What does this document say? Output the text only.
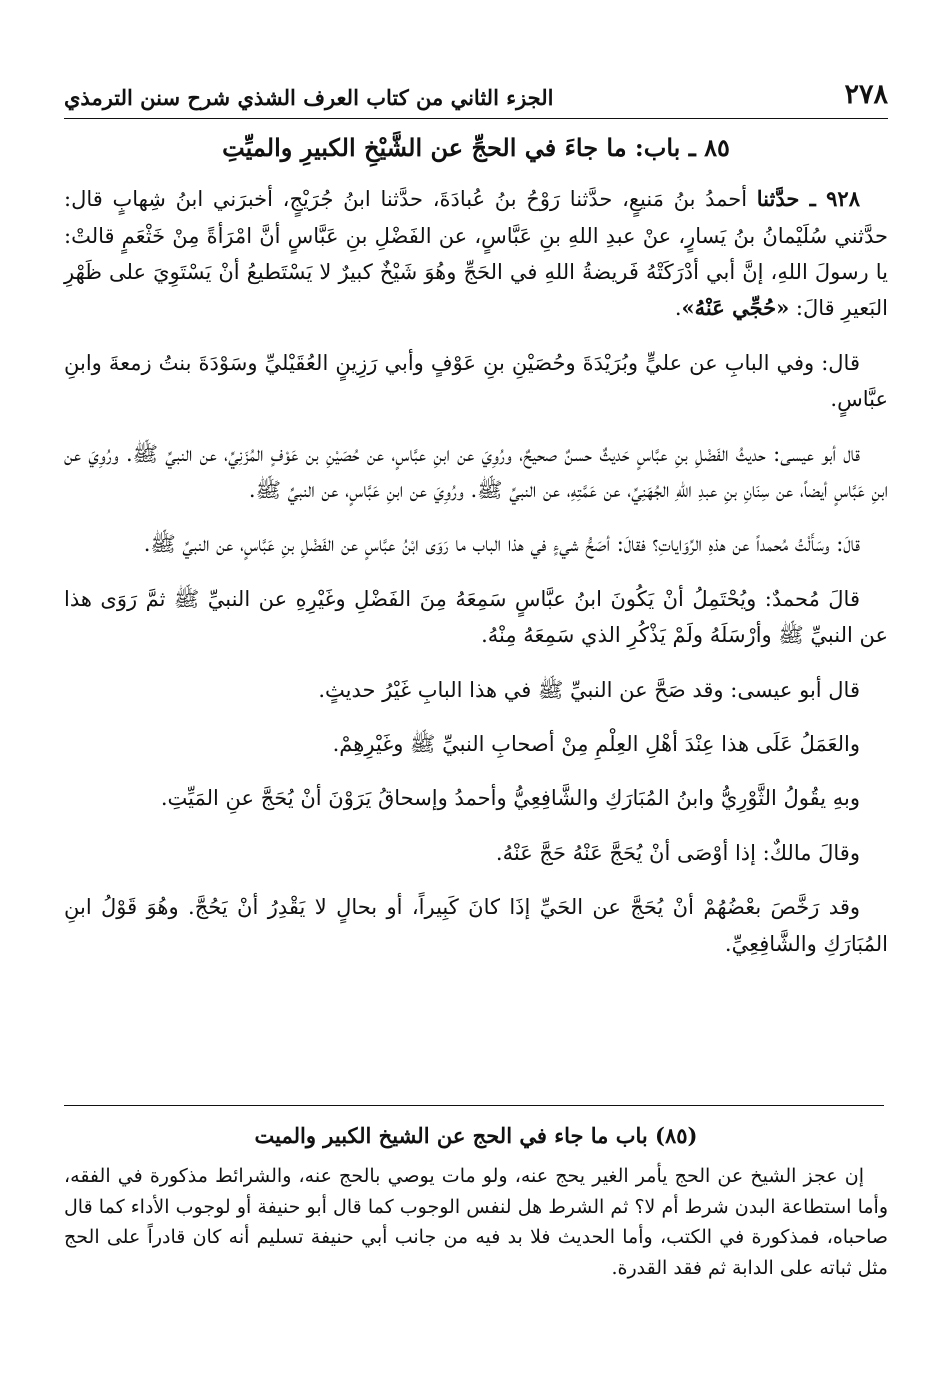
٢٧٨
الجزء الثاني من كتاب العرف الشذي شرح سنن الترمذي
٨٥ ـ باب: ما جاءَ في الحجِّ عن الشَّيْخِ الكبيرِ والميِّتِ

٩٢٨ ـ حدَّثنا أحمدُ بنُ مَنيعٍ، حدَّثنا رَوْحُ بنُ عُبادَةَ، حدَّثنا ابنُ جُرَيْجٍ، أخبرَني ابنُ شِهابٍ قال: حدَّثني سُلَيْمانُ بنُ يَسارٍ، عنْ عبدِ اللهِ بنِ عَبَّاسٍ، عن الفَضْلِ بنِ عَبَّاسٍ أنَّ امْرَأةً مِنْ خَثْعَمٍ قالتْ: يا رسولَ اللهِ، إنَّ أبي أدْرَكَتْهُ فَريضةُ اللهِ في الحَجِّ وهُوَ شَيْخٌ كبيرٌ لا يَسْتَطيعُ أنْ يَسْتَوِيَ على ظَهْرِ البَعيرِ قالَ: «حُجِّي عَنْهُ».

قال: وفي البابِ عن عليٍّ وبُرَيْدَةَ وحُصَيْنِ بنِ عَوْفٍ وأبي رَزِينٍ العُقَيْليِّ وسَوْدَةَ بنتُ زمعةَ وابنِ عبَّاسٍ.

قال أبو عيسى: حديثُ الفَضْلِ بنِ عبَّاسٍ حَديثٌ حسنٌ صحيحٌ، ورُوِيَ عن ابنِ عبَّاسٍ، عن حُصَيْنِ بن عَوْفٍ المُزَنِيِّ، عن النبيِّ ﷺ. ورُوِيَ عن ابنِ عَبَّاسٍ أيضاً، عن سِنَانِ بنِ عبدِ اللهِ الجُهَنِيِّ، عن عَمَّتِهِ، عن النبيِّ ﷺ. ورُوِيَ عن ابنِ عَبَّاسٍ، عن النبيِّ ﷺ.

قالَ: وسَأَلْتُ مُحمداً عن هذهِ الرِّوَاياتِ؟ فقالَ: أصَحُّ شيءٍ في هذا الباب ما رَوَى ابْنُ عبَّاسٍ عن الفَضْلِ بنِ عَبَّاسٍ، عن النبيِّ ﷺ.

قالَ مُحمدٌ: ويُحْتَمِلُ أنْ يَكُونَ ابنُ عبَّاسٍ سَمِعَهُ مِنَ الفَضْلِ وغَيْرِهِ عن النبيِّ ﷺ ثمَّ رَوَى هذا عن النبيِّ ﷺ وأرْسَلَهُ ولَمْ يَذْكُرِ الذي سَمِعَهُ مِنْهُ.

قال أبو عيسى: وقد صَحَّ عن النبيِّ ﷺ في هذا البابِ غَيْرُ حديثٍ.

والعَمَلُ عَلَى هذا عِنْدَ أهْلِ العِلْمِ مِنْ أصحابِ النبيِّ ﷺ وغَيْرِهِمْ.

وبهِ يقُولُ الثَّوْرِيُّ وابنُ المُبَارَكِ والشَّافِعِيُّ وأحمدُ وإسحاقُ يَرَوْنَ أنْ يُحَجَّ عنِ المَيِّتِ.

وقالَ مالكٌ: إذا أوْصَى أنْ يُحَجَّ عَنْهُ حَجَّ عَنْهُ.

وقد رَخَّصَ بعْضُهُمْ أنْ يُحَجَّ عن الحَيِّ إذَا كانَ كَبِيراً، أو بحالٍ لا يَقْدِرُ أنْ يَحُجَّ. وهُوَ قَوْلُ ابنِ المُبَارَكِ والشَّافِعِيِّ.

(٨٥) باب ما جاء في الحج عن الشيخ الكبير والميت

إن عجز الشيخ عن الحج يأمر الغير يحج عنه، ولو مات يوصي بالحج عنه، والشرائط مذكورة في الفقه، وأما استطاعة البدن شرط أم لا؟ ثم الشرط هل لنفس الوجوب كما قال أبو حنيفة أو لوجوب الأداء كما قال صاحباه، فمذكورة في الكتب، وأما الحديث فلا بد فيه من جانب أبي حنيفة تسليم أنه كان قادراً على الحج مثل ثباته على الدابة ثم فقد القدرة.
